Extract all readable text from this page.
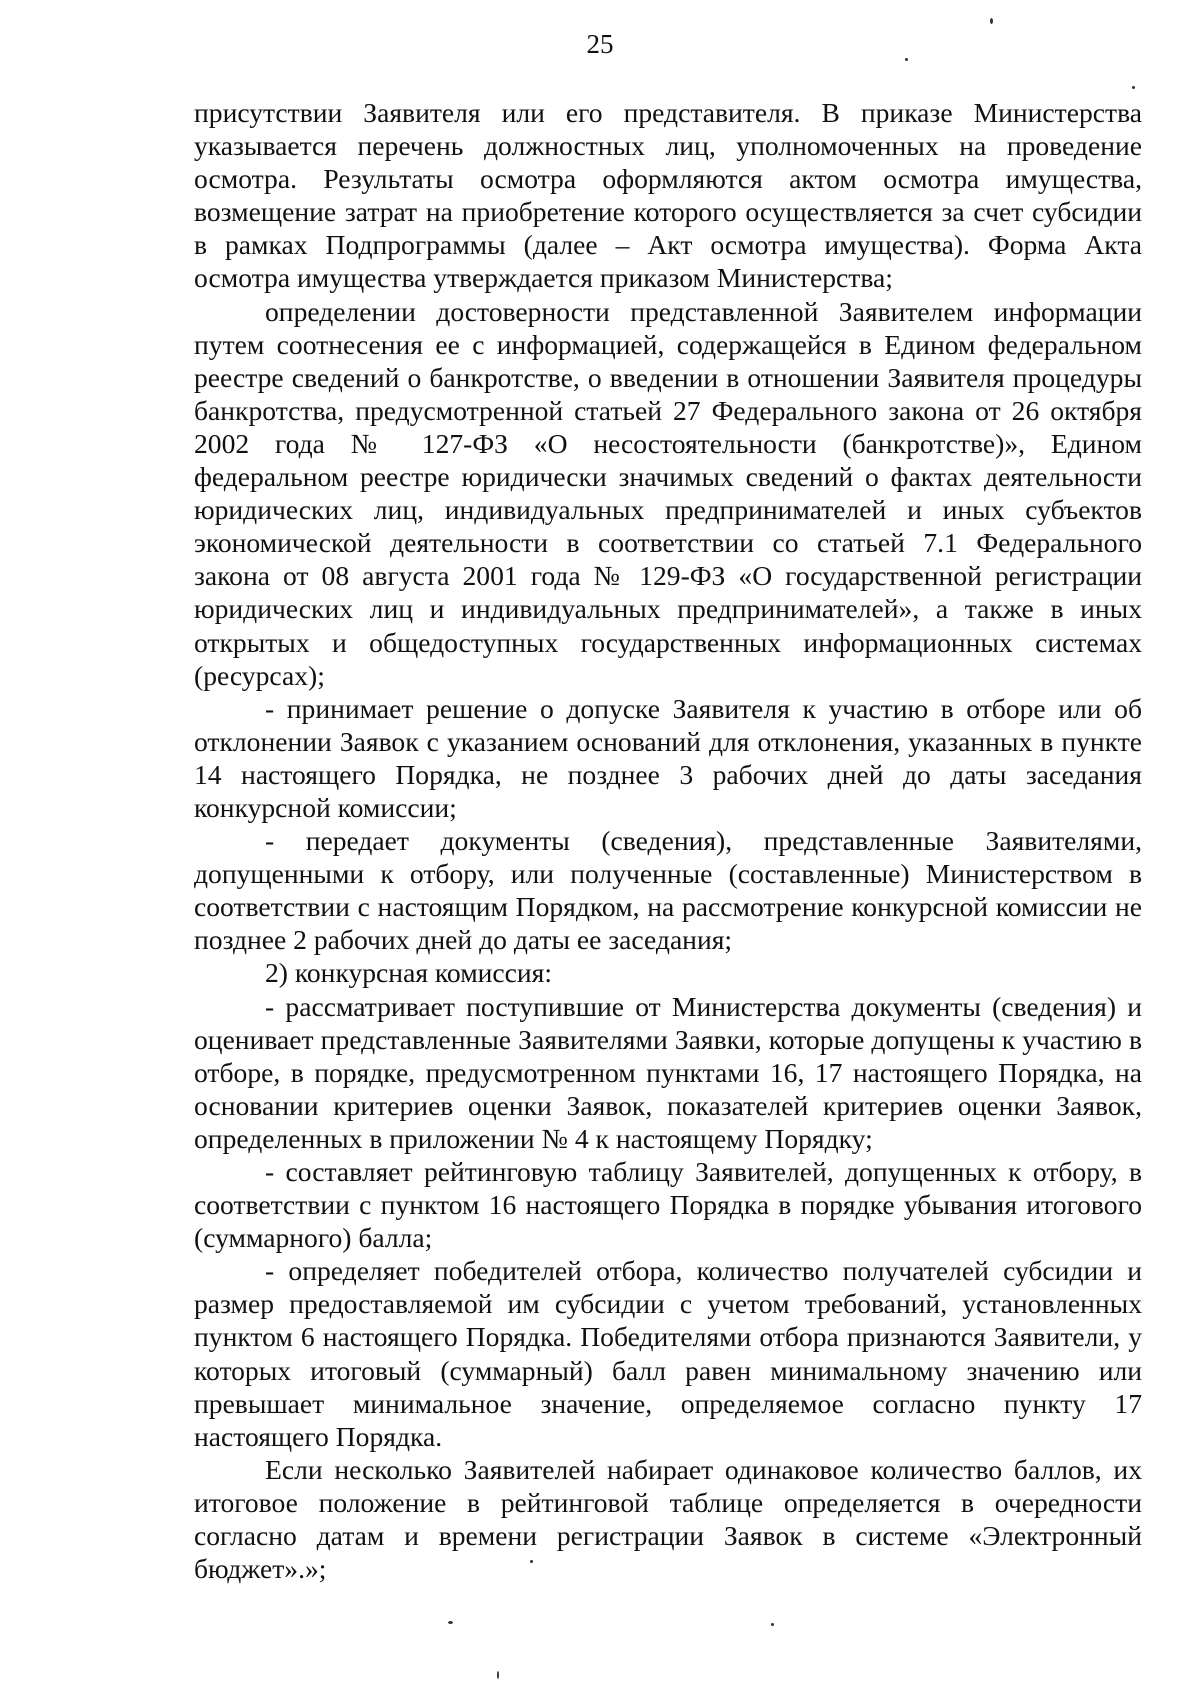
25

присутствии Заявителя или его представителя. В приказе Министерства указывается перечень должностных лиц, уполномоченных на проведение осмотра. Результаты осмотра оформляются актом осмотра имущества, возмещение затрат на приобретение которого осуществляется за счет субсидии в рамках Подпрограммы (далее – Акт осмотра имущества). Форма Акта осмотра имущества утверждается приказом Министерства;

определении достоверности представленной Заявителем информации путем соотнесения ее с информацией, содержащейся в Едином федеральном реестре сведений о банкротстве, о введении в отношении Заявителя процедуры банкротства, предусмотренной статьей 27 Федерального закона от 26 октября 2002 года № 127-ФЗ «О несостоятельности (банкротстве)», Едином федеральном реестре юридически значимых сведений о фактах деятельности юридических лиц, индивидуальных предпринимателей и иных субъектов экономической деятельности в соответствии со статьей 7.1 Федерального закона от 08 августа 2001 года № 129-ФЗ «О государственной регистрации юридических лиц и индивидуальных предпринимателей», а также в иных открытых и общедоступных государственных информационных системах (ресурсах);

- принимает решение о допуске Заявителя к участию в отборе или об отклонении Заявок с указанием оснований для отклонения, указанных в пункте 14 настоящего Порядка, не позднее 3 рабочих дней до даты заседания конкурсной комиссии;

- передает документы (сведения), представленные Заявителями, допущенными к отбору, или полученные (составленные) Министерством в соответствии с настоящим Порядком, на рассмотрение конкурсной комиссии не позднее 2 рабочих дней до даты ее заседания;

2) конкурсная комиссия:

- рассматривает поступившие от Министерства документы (сведения) и оценивает представленные Заявителями Заявки, которые допущены к участию в отборе, в порядке, предусмотренном пунктами 16, 17 настоящего Порядка, на основании критериев оценки Заявок, показателей критериев оценки Заявок, определенных в приложении № 4 к настоящему Порядку;

- составляет рейтинговую таблицу Заявителей, допущенных к отбору, в соответствии с пунктом 16 настоящего Порядка в порядке убывания итогового (суммарного) балла;

- определяет победителей отбора, количество получателей субсидии и размер предоставляемой им субсидии с учетом требований, установленных пунктом 6 настоящего Порядка. Победителями отбора признаются Заявители, у которых итоговый (суммарный) балл равен минимальному значению или превышает минимальное значение, определяемое согласно пункту 17 настоящего Порядка.

Если несколько Заявителей набирает одинаковое количество баллов, их итоговое положение в рейтинговой таблице определяется в очередности согласно датам и времени регистрации Заявок в системе «Электронный бюджет».»;
